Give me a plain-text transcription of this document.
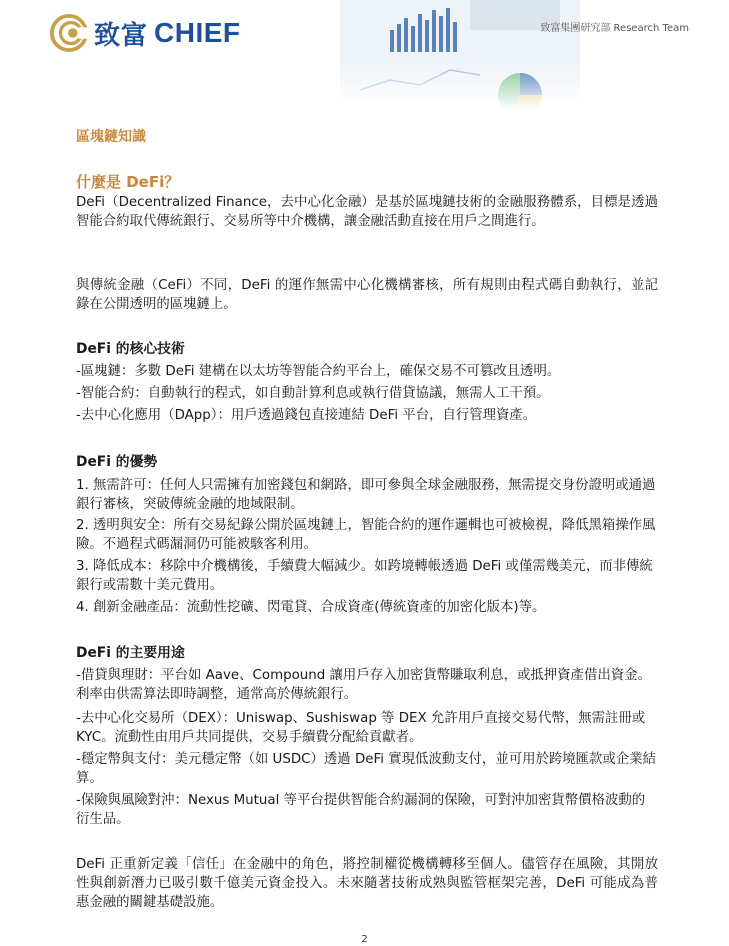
致富 CHIEF	致富集團研究部 Research Team

區塊鏈知識

什麼是 DeFi？

DeFi（Decentralized Finance，去中心化金融）是基於區塊鏈技術的金融服務體系，目標是透過智能合約取代傳統銀行、交易所等中介機構，讓金融活動直接在用戶之間進行。

與傳統金融（CeFi）不同，DeFi 的運作無需中心化機構審核，所有規則由程式碼自動執行，並記錄在公開透明的區塊鏈上。

DeFi 的核心技術

-區塊鏈：多數 DeFi 建構在以太坊等智能合約平台上，確保交易不可篡改且透明。

-智能合約：自動執行的程式，如自動計算利息或執行借貸協議，無需人工干預。

-去中心化應用（DApp）：用戶透過錢包直接連結 DeFi 平台，自行管理資產。

DeFi 的優勢

1. 無需許可：任何人只需擁有加密錢包和網路，即可參與全球金融服務，無需提交身份證明或通過銀行審核，突破傳統金融的地域限制。

2. 透明與安全：所有交易紀錄公開於區塊鏈上，智能合約的運作邏輯也可被檢視，降低黑箱操作風險。不過程式碼漏洞仍可能被駭客利用。

3. 降低成本：移除中介機構後，手續費大幅減少。如跨境轉帳透過 DeFi 或僅需幾美元，而非傳統銀行或需數十美元費用。

4. 創新金融產品：流動性挖礦、閃電貸、合成資產(傳統資產的加密化版本)等。

DeFi 的主要用途

-借貸與理財：平台如 Aave、Compound 讓用戶存入加密貨幣賺取利息，或抵押資產借出資金。利率由供需算法即時調整，通常高於傳統銀行。

-去中心化交易所（DEX）：Uniswap、Sushiswap 等 DEX 允許用戶直接交易代幣，無需註冊或 KYC。流動性由用戶共同提供，交易手續費分配給貢獻者。

-穩定幣與支付：美元穩定幣（如 USDC）透過 DeFi 實現低波動支付，並可用於跨境匯款或企業結算。

-保險與風險對沖：Nexus Mutual 等平台提供智能合約漏洞的保險，可對沖加密貨幣價格波動的衍生品。

DeFi 正重新定義「信任」在金融中的角色，將控制權從機構轉移至個人。儘管存在風險，其開放性與創新潛力已吸引數千億美元資金投入。未來隨著技術成熟與監管框架完善，DeFi 可能成為普惠金融的關鍵基礎設施。

2
